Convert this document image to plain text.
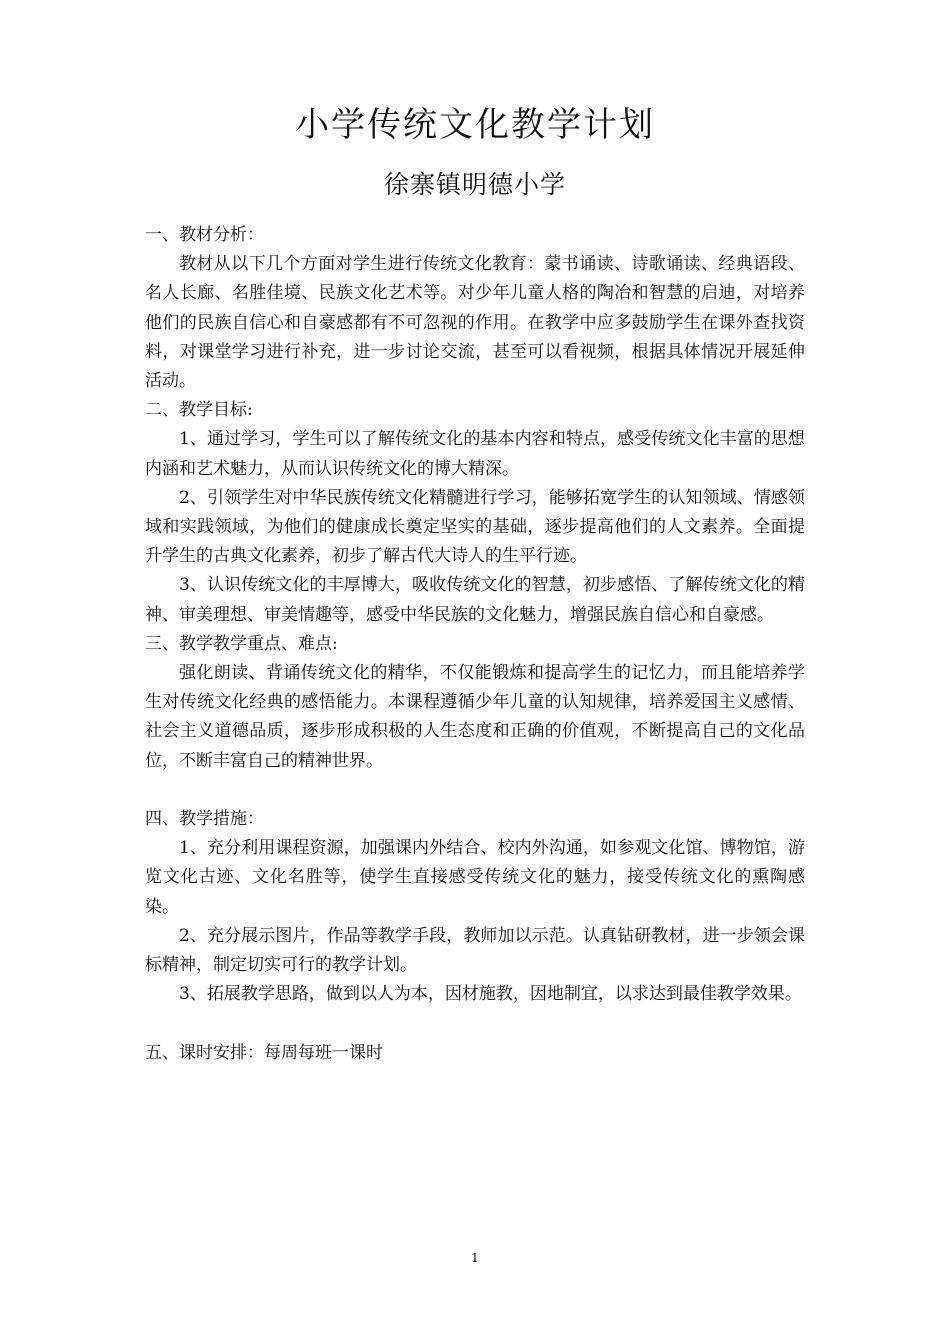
小学传统文化教学计划
徐寨镇明德小学

一、教材分析：

教材从以下几个方面对学生进行传统文化教育：蒙书诵读、诗歌诵读、经典语段、名人长廊、名胜佳境、民族文化艺术等。对少年儿童人格的陶冶和智慧的启迪，对培养他们的民族自信心和自豪感都有不可忽视的作用。在教学中应多鼓励学生在课外查找资料，对课堂学习进行补充，进一步讨论交流，甚至可以看视频，根据具体情况开展延伸活动。

二、教学目标:

1、通过学习，学生可以了解传统文化的基本内容和特点，感受传统文化丰富的思想内涵和艺术魅力，从而认识传统文化的博大精深。

2、引领学生对中华民族传统文化精髓进行学习，能够拓宽学生的认知领域、情感领域和实践领域，为他们的健康成长奠定坚实的基础，逐步提高他们的人文素养。全面提升学生的古典文化素养，初步了解古代大诗人的生平行迹。

3、认识传统文化的丰厚博大，吸收传统文化的智慧，初步感悟、了解传统文化的精神、审美理想、审美情趣等，感受中华民族的文化魅力，增强民族自信心和自豪感。

三、教学教学重点、难点:

强化朗读、背诵传统文化的精华，不仅能锻炼和提高学生的记忆力，而且能培养学生对传统文化经典的感悟能力。本课程遵循少年儿童的认知规律，培养爱国主义感情、社会主义道德品质，逐步形成积极的人生态度和正确的价值观，不断提高自己的文化品位，不断丰富自己的精神世界。

四、教学措施：

1、充分利用课程资源，加强课内外结合、校内外沟通，如参观文化馆、博物馆，游览文化古迹、文化名胜等，使学生直接感受传统文化的魅力，接受传统文化的熏陶感染。

2、充分展示图片，作品等教学手段，教师加以示范。认真钻研教材，进一步领会课标精神，制定切实可行的教学计划。

3、拓展教学思路，做到以人为本，因材施教，因地制宜，以求达到最佳教学效果。

五、课时安排：每周每班一课时

1
